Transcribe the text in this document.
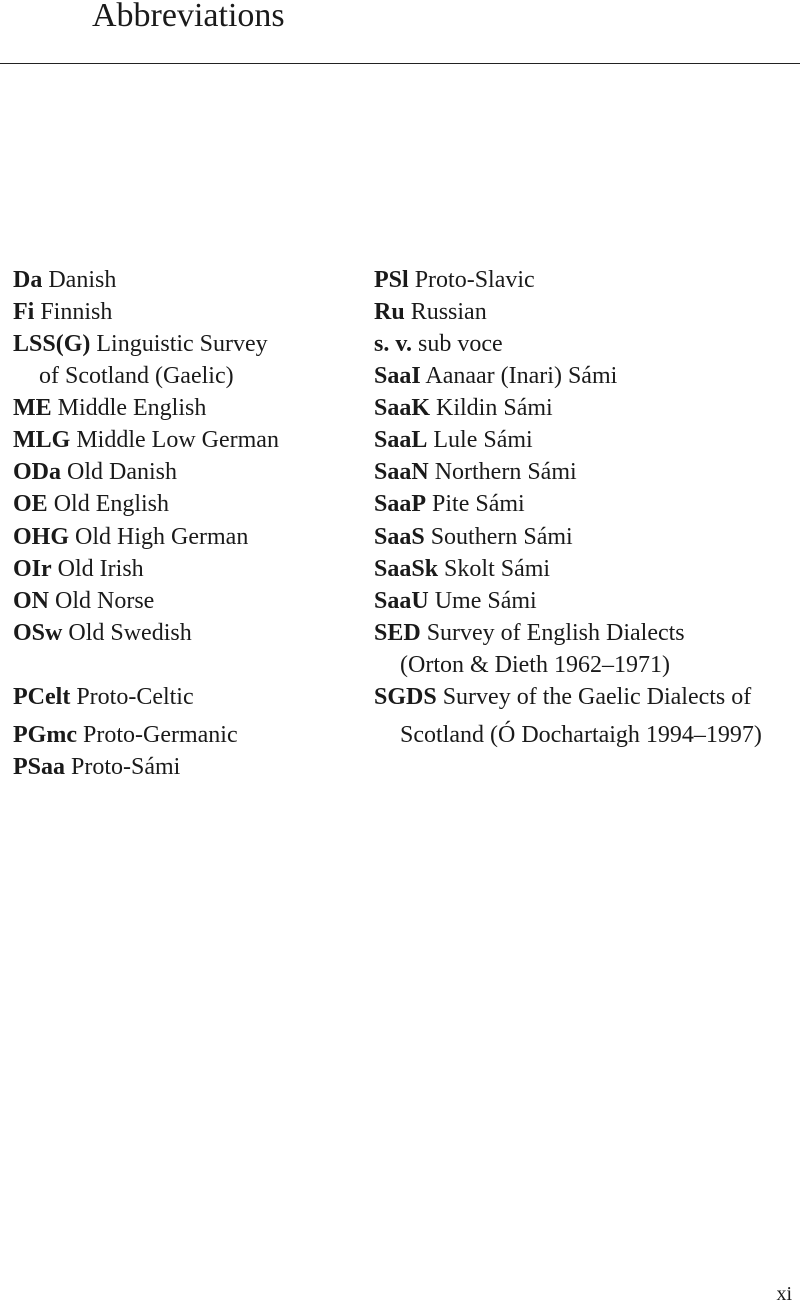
Abbreviations
Da Danish
Fi Finnish
LSS(G) Linguistic Survey
of Scotland (Gaelic)
ME Middle English
MLG Middle Low German
ODa Old Danish
OE Old English
OHG Old High German
OIr Old Irish
ON Old Norse
OSw Old Swedish
PCelt Proto-Celtic
PGmc Proto-Germanic
PSaa Proto-Sámi
PSl Proto-Slavic
Ru Russian
s. v. sub voce
SaaI Aanaar (Inari) Sámi
SaaK Kildin Sámi
SaaL Lule Sámi
SaaN Northern Sámi
SaaP Pite Sámi
SaaS Southern Sámi
SaaSk Skolt Sámi
SaaU Ume Sámi
SED Survey of English Dialects
(Orton & Dieth 1962–1971)
SGDS Survey of the Gaelic Dialects of
Scotland (Ó Dochartaigh 1994–1997)
xi
